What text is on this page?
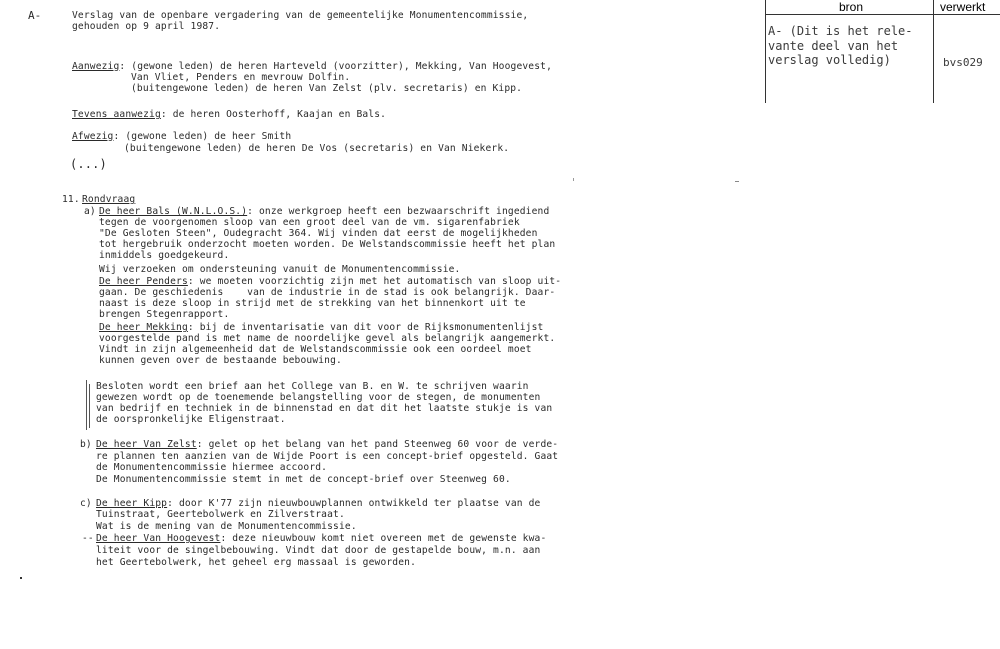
A-	Verslag van de openbare vergadering van de gemeentelijke Monumentencommissie,
gehouden op 9 april 1987.
Aanwezig: (gewone leden) de heren Harteveld (voorzitter), Mekking, Van Hoogevest,
Van Vliet, Penders en mevrouw Dolfin.
(buitengewone leden) de heren Van Zelst (plv. secretaris) en Kipp.
Tevens aanwezig: de heren Oosterhoff, Kaajan en Bals.
Afwezig: (gewone leden) de heer Smith
(buitengewone leden) de heren De Vos (secretaris) en Van Niekerk.
(...)
11. Rondvraag
a) De heer Bals (W.N.L.O.S.): onze werkgroep heeft een bezwaarschrift ingediend
tegen de voorgenomen sloop van een groot deel van de vm. sigarenfabriek
"De Gesloten Steen", Oudegracht 364. Wij vinden dat eerst de mogelijkheden
tot hergebruik onderzocht moeten worden. De Welstandscommissie heeft het plan
inmiddels goedgekeurd.
Wij verzoeken om ondersteuning vanuit de Monumentencommissie.
De heer Penders: we moeten voorzichtig zijn met het automatisch van sloop uit-
gaan. De geschiedenis    van de industrie in de stad is ook belangrijk. Daar-
naast is deze sloop in strijd met de strekking van het binnenkort uit te
brengen Stegenrapport.
De heer Mekking: bij de inventarisatie van dit voor de Rijksmonumentenlijst
voorgestelde pand is met name de noordelijke gevel als belangrijk aangemerkt.
Vindt in zijn algemeenheid dat de Welstandscommissie ook een oordeel moet
kunnen geven over de bestaande bebouwing.
Besloten wordt een brief aan het College van B. en W. te schrijven waarin
gewezen wordt op de toenemende belangstelling voor de stegen, de monumenten
van bedrijf en techniek in de binnenstad en dat dit het laatste stukje is van
de oorspronkelijke Eligenstraat.
b) De heer Van Zelst: gelet op het belang van het pand Steenweg 60 voor de verde-
re plannen ten aanzien van de Wijde Poort is een concept-brief opgesteld. Gaat
de Monumentencommissie hiermee accoord.
De Monumentencommissie stemt in met de concept-brief over Steenweg 60.
c) De heer Kipp: door K'77 zijn nieuwbouwplannen ontwikkeld ter plaatse van de
Tuinstraat, Geertebolwerk en Zilverstraat.
Wat is de mening van de Monumentencommissie.
-- De heer Van Hoogevest: deze nieuwbouw komt niet overeen met de gewenste kwa-
liteit voor de singelbebouwing. Vindt dat door de gestapelde bouw, m.n. aan
het Geertebolwerk, het geheel erg massaal is geworden.
bron	verwerkt
A- (Dit is het rele-
vante deel van het
verslag volledig)	bvs029
